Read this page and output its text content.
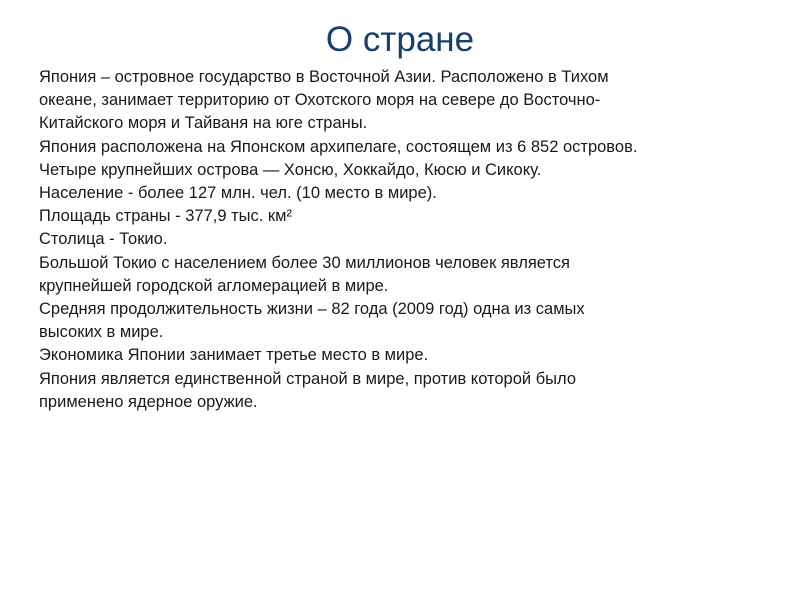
О стране
Япония – островное государство в Восточной Азии. Расположено в Тихом
океане, занимает территорию от Охотского моря на севере до Восточно-
Китайского моря и Тайваня на юге страны.
Япония расположена на Японском архипелаге, состоящем из 6 852 островов.
Четыре крупнейших острова — Хонсю, Хоккайдо, Кюсю и Сикоку.
Население - более 127 млн. чел. (10 место в мире).
Площадь страны - 377,9 тыс. км²
Столица - Токио.
Большой Токио с населением более 30 миллионов человек является
крупнейшей городской агломерацией в мире.
Средняя продолжительность жизни – 82 года (2009 год) одна из самых
высоких в мире.
Экономика Японии занимает третье место в мире.
Япония является единственной страной в мире, против которой было
применено ядерное оружие.
